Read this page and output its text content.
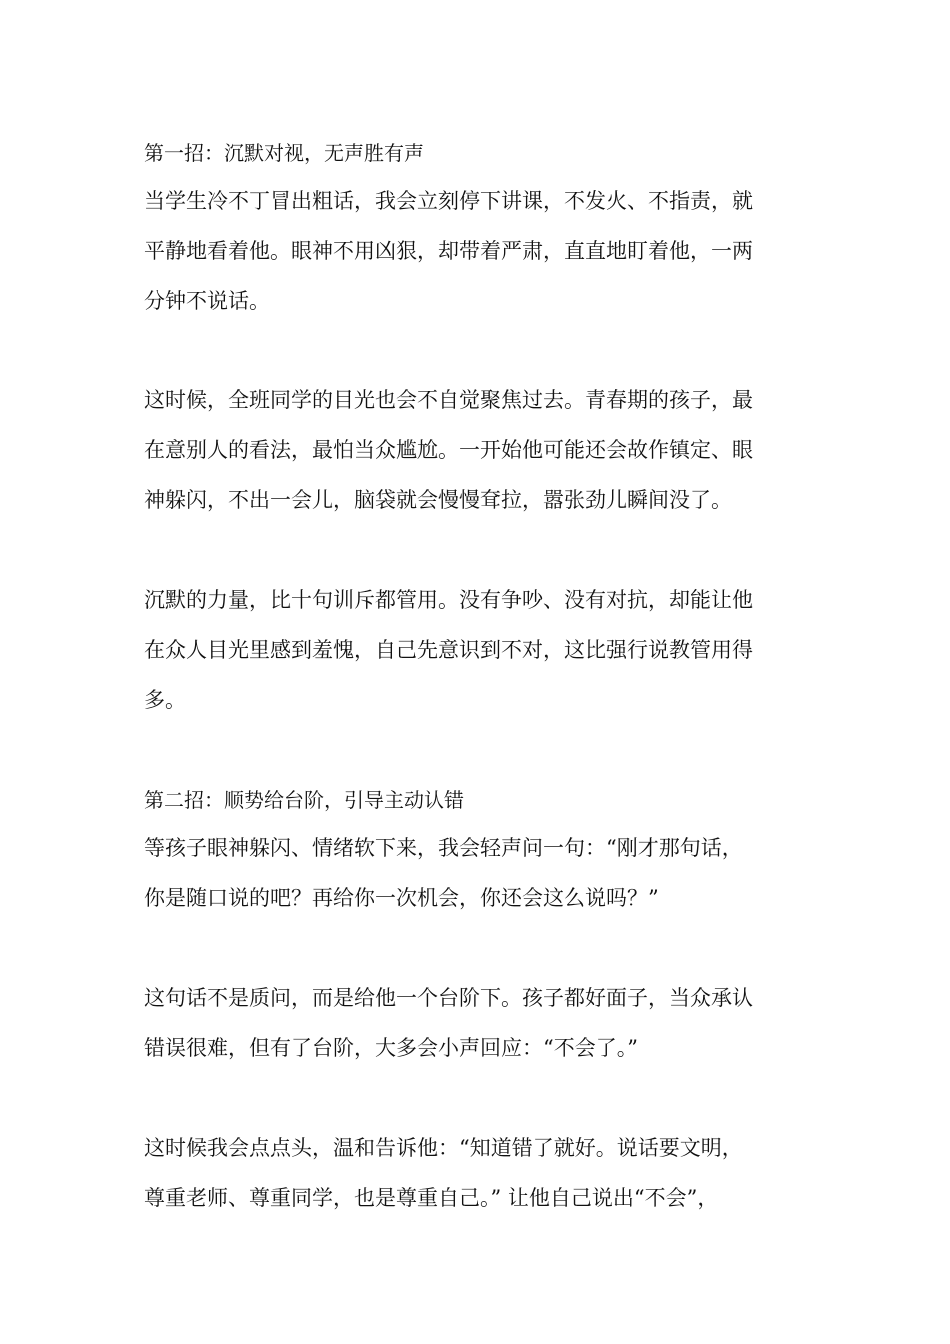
第一招：沉默对视，无声胜有声
当学生冷不丁冒出粗话，我会立刻停下讲课，不发火、不指责，就
平静地看着他。眼神不用凶狠，却带着严肃，直直地盯着他，一两
分钟不说话。
这时候，全班同学的目光也会不自觉聚焦过去。青春期的孩子，最
在意别人的看法，最怕当众尴尬。一开始他可能还会故作镇定、眼
神躲闪，不出一会儿，脑袋就会慢慢耷拉，嚣张劲儿瞬间没了。
沉默的力量，比十句训斥都管用。没有争吵、没有对抗，却能让他
在众人目光里感到羞愧，自己先意识到不对，这比强行说教管用得
多。
第二招：顺势给台阶，引导主动认错
等孩子眼神躲闪、情绪软下来，我会轻声问一句：“刚才那句话，
你是随口说的吧？再给你一次机会，你还会这么说吗？”
这句话不是质问，而是给他一个台阶下。孩子都好面子，当众承认
错误很难，但有了台阶，大多会小声回应：“不会了。”
这时候我会点点头，温和告诉他：“知道错了就好。说话要文明，
尊重老师、尊重同学，也是尊重自己。” 让他自己说出“不会”，
